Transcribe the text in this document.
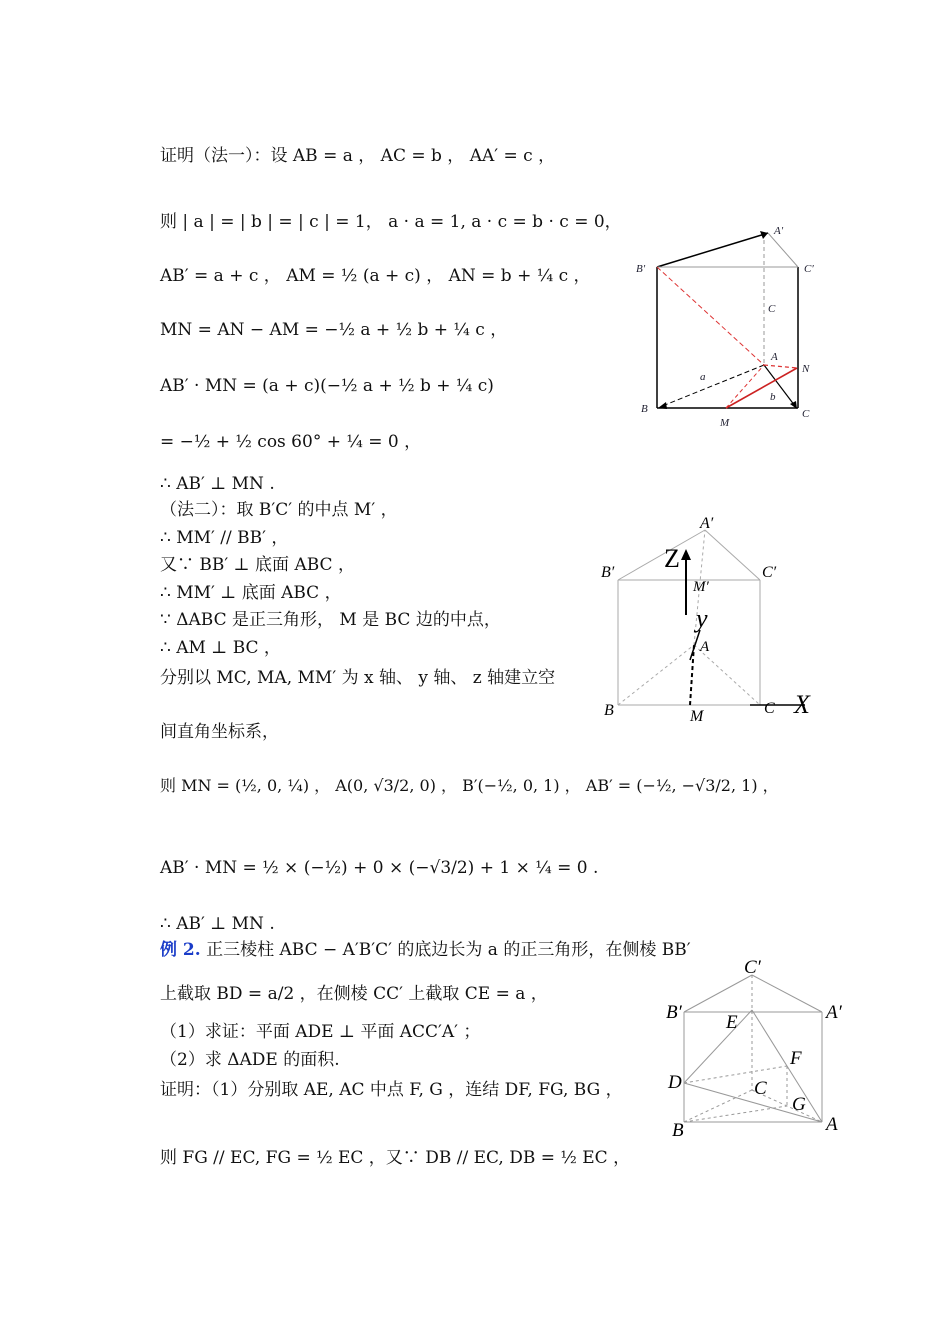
证明（法一）：设 AB = a ， AC = b ， AA′ = c ，
则 | a | = | b | = | c | = 1， a · a = 1, a · c = b · c = 0，
AB′ = a + c ， AM = ½ (a + c) ， AN = b + ¼ c ，
MN = AN − AM = −½ a + ½ b + ¼ c ，
AB′ · MN = (a + c)(−½ a + ½ b + ¼ c)
= −½ + ½ cos 60° + ¼ = 0 ，
∴ AB′ ⊥ MN .
（法二）：取 B′C′ 的中点 M′ ，
∴ MM′ // BB′ ，
又∵ BB′ ⊥ 底面 ABC ，
∴ MM′ ⊥ 底面 ABC ，
∵ ΔABC 是正三角形， M 是 BC 边的中点，
∴ AM ⊥ BC ，
分别以 MC, MA, MM′ 为 x 轴、 y 轴、 z 轴建立空
间直角坐标系，
则 MN = (½, 0, ¼) ， A(0, √3/2, 0) ， B′(−½, 0, 1) ， AB′ = (−½, −√3/2, 1) ，
AB′ · MN = ½ × (−½) + 0 × (−√3/2) + 1 × ¼ = 0 .
∴ AB′ ⊥ MN .
例 2. 正三棱柱 ABC − A′B′C′ 的底边长为 a 的正三角形，在侧棱 BB′
上截取 BD = a/2 ，在侧棱 CC′ 上截取 CE = a ，
（1）求证：平面 ADE ⊥ 平面 ACC′A′ ；
（2）求 ΔADE 的面积.
证明：（1）分别取 AE, AC 中点 F, G ，连结 DF, FG, BG ，
则 FG // EC, FG = ½ EC ，又∵ DB // EC, DB = ½ EC ，
A′
B′	C′
C
A
N
a
b
B
M
C
Z
y
X
A′
B′	C′
M′
A
B	M	C
C′
B′	A′
E
F
D	C
G
B	A
